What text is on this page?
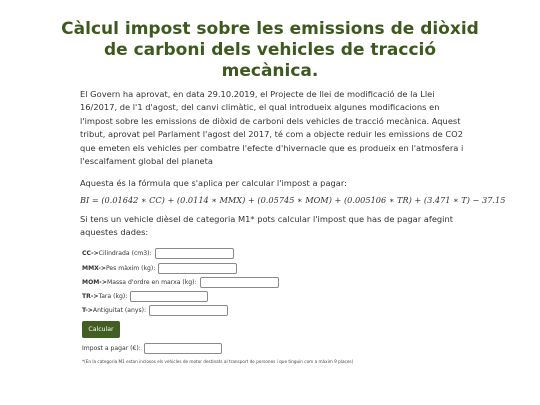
Càlcul impost sobre les emissions de diòxid de carboni dels vehicles de tracció mecànica.

El Govern ha aprovat, en data 29.10.2019, el Projecte de llei de modificació de la Llei 16/2017, de l'1 d'agost, del canvi climàtic, el qual introdueix algunes modificacions en l'impost sobre les emissions de diòxid de carboni dels vehicles de tracció mecànica. Aquest tribut, aprovat pel Parlament l'agost del 2017, té com a objecte reduir les emissions de CO2 que emeten els vehicles per combatre l'efecte d'hivernacle que es produeix en l'atmosfera i l'escalfament global del planeta

Aquesta és la fórmula que s'aplica per calcular l'impost a pagar:

BI = (0.01642 ∗ CC) + (0.0114 ∗ MMX) + (0.05745 ∗ MOM) + (0.005106 ∗ TR) + (3.471 ∗ T) − 37.15

Si tens un vehicle dièsel de categoria M1* pots calcular l'impost que has de pagar afegint aquestes dades:

CC-> Cilindrada (cm3):
MMX-> Pes màxim (kg):
MOM-> Massa d'ordre en marxa (kg):
TR-> Tara (kg):
T-> Antiguitat (anys):
Calcular
Impost a pagar (€):

*(En la categoria M1 estan inclosos els vehicles de motor destinats al transport de persones i que tinguin com a màxim 9 places)
